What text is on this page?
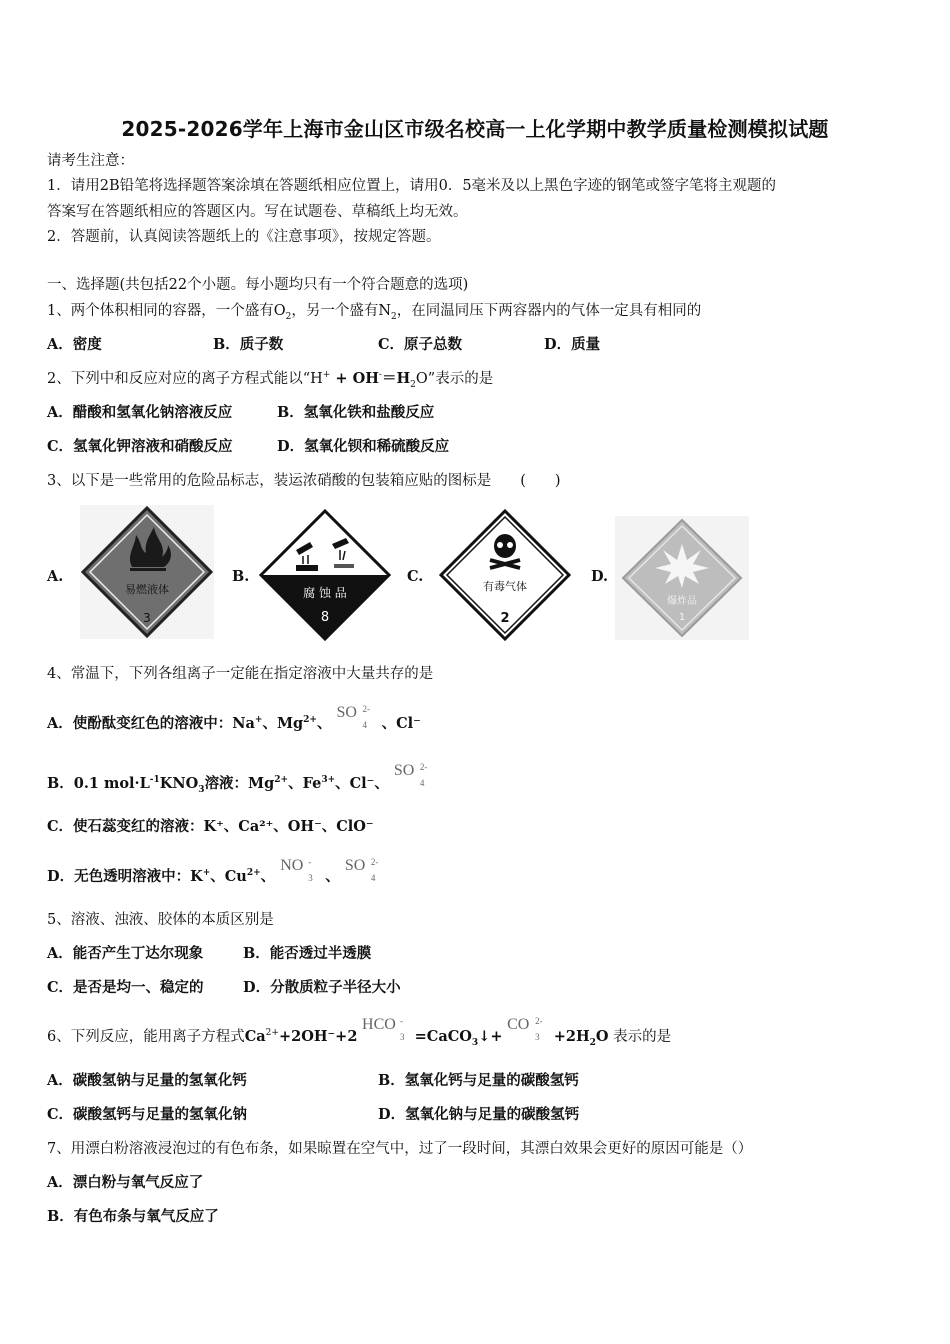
2025-2026学年上海市金山区市级名校高一上化学期中教学质量检测模拟试题
请考生注意：
1．请用2B铅笔将选择题答案涂填在答题纸相应位置上，请用0．5毫米及以上黑色字迹的钢笔或签字笔将主观题的
答案写在答题纸相应的答题区内。写在试题卷、草稿纸上均无效。
2．答题前，认真阅读答题纸上的《注意事项》，按规定答题。
一、选择题(共包括22个小题。每小题均只有一个符合题意的选项)
1、两个体积相同的容器，一个盛有$O_2$，另一个盛有$N_2$，在同温同压下两容器内的气体一定具有相同的
A．密度	B．质子数	C．原子总数	D．质量
2、下列中和反应对应的离子方程式能以“$H^+ + OH^-=H_2O$”表示的是
A．醋酸和氢氧化钠溶液反应	B．氢氧化铁和盐酸反应
C．氢氧化钾溶液和硝酸反应	D．氢氧化钡和稀硫酸反应
3、以下是一些常用的危险品标志，装运浓硝酸的包装箱应贴的图标是　　(　　)
A.
易燃液体
3
B.
腐 蚀 品
8
C.
有毒气体
2
D.
爆炸品
1
4、常温下，下列各组离子一定能在指定溶液中大量共存的是
A．使酚酞变红色的溶液中：Na+、$Mg^{2+}$、 SO 2-
4 、Cl⁻
B．0.1 $mol\cdot L^{-1}KNO_3$溶液：$Mg^{2+}$、$Fe^{3+}$、Cl⁻、 SO 2-
4
C．使石蕊变红的溶液：K⁺、Ca²⁺、OH⁻、ClO⁻
D．无色透明溶液中：K+、$Cu^{2+}$、 NO -
3 、 SO 2-
4
5、溶液、浊液、胶体的本质区别是
A．能否产生丁达尔现象	B．能否透过半透膜
C．是否是均一、稳定的	D．分散质粒子半径大小
6、下列反应，能用离子方程式$Ca^{2+}+2OH^-+2$ HCO -
3 =CaCO$_3$↓+ CO 2-
$3 +2H_2O$ 表示的是
A．碳酸氢钠与足量的氢氧化钙	B．氢氧化钙与足量的碳酸氢钙
C．碳酸氢钙与足量的氢氧化钠	D．氢氧化钠与足量的碳酸氢钙
7、用漂白粉溶液浸泡过的有色布条，如果晾置在空气中，过了一段时间，其漂白效果会更好的原因可能是（）
A．漂白粉与氧气反应了
B．有色布条与氧气反应了
